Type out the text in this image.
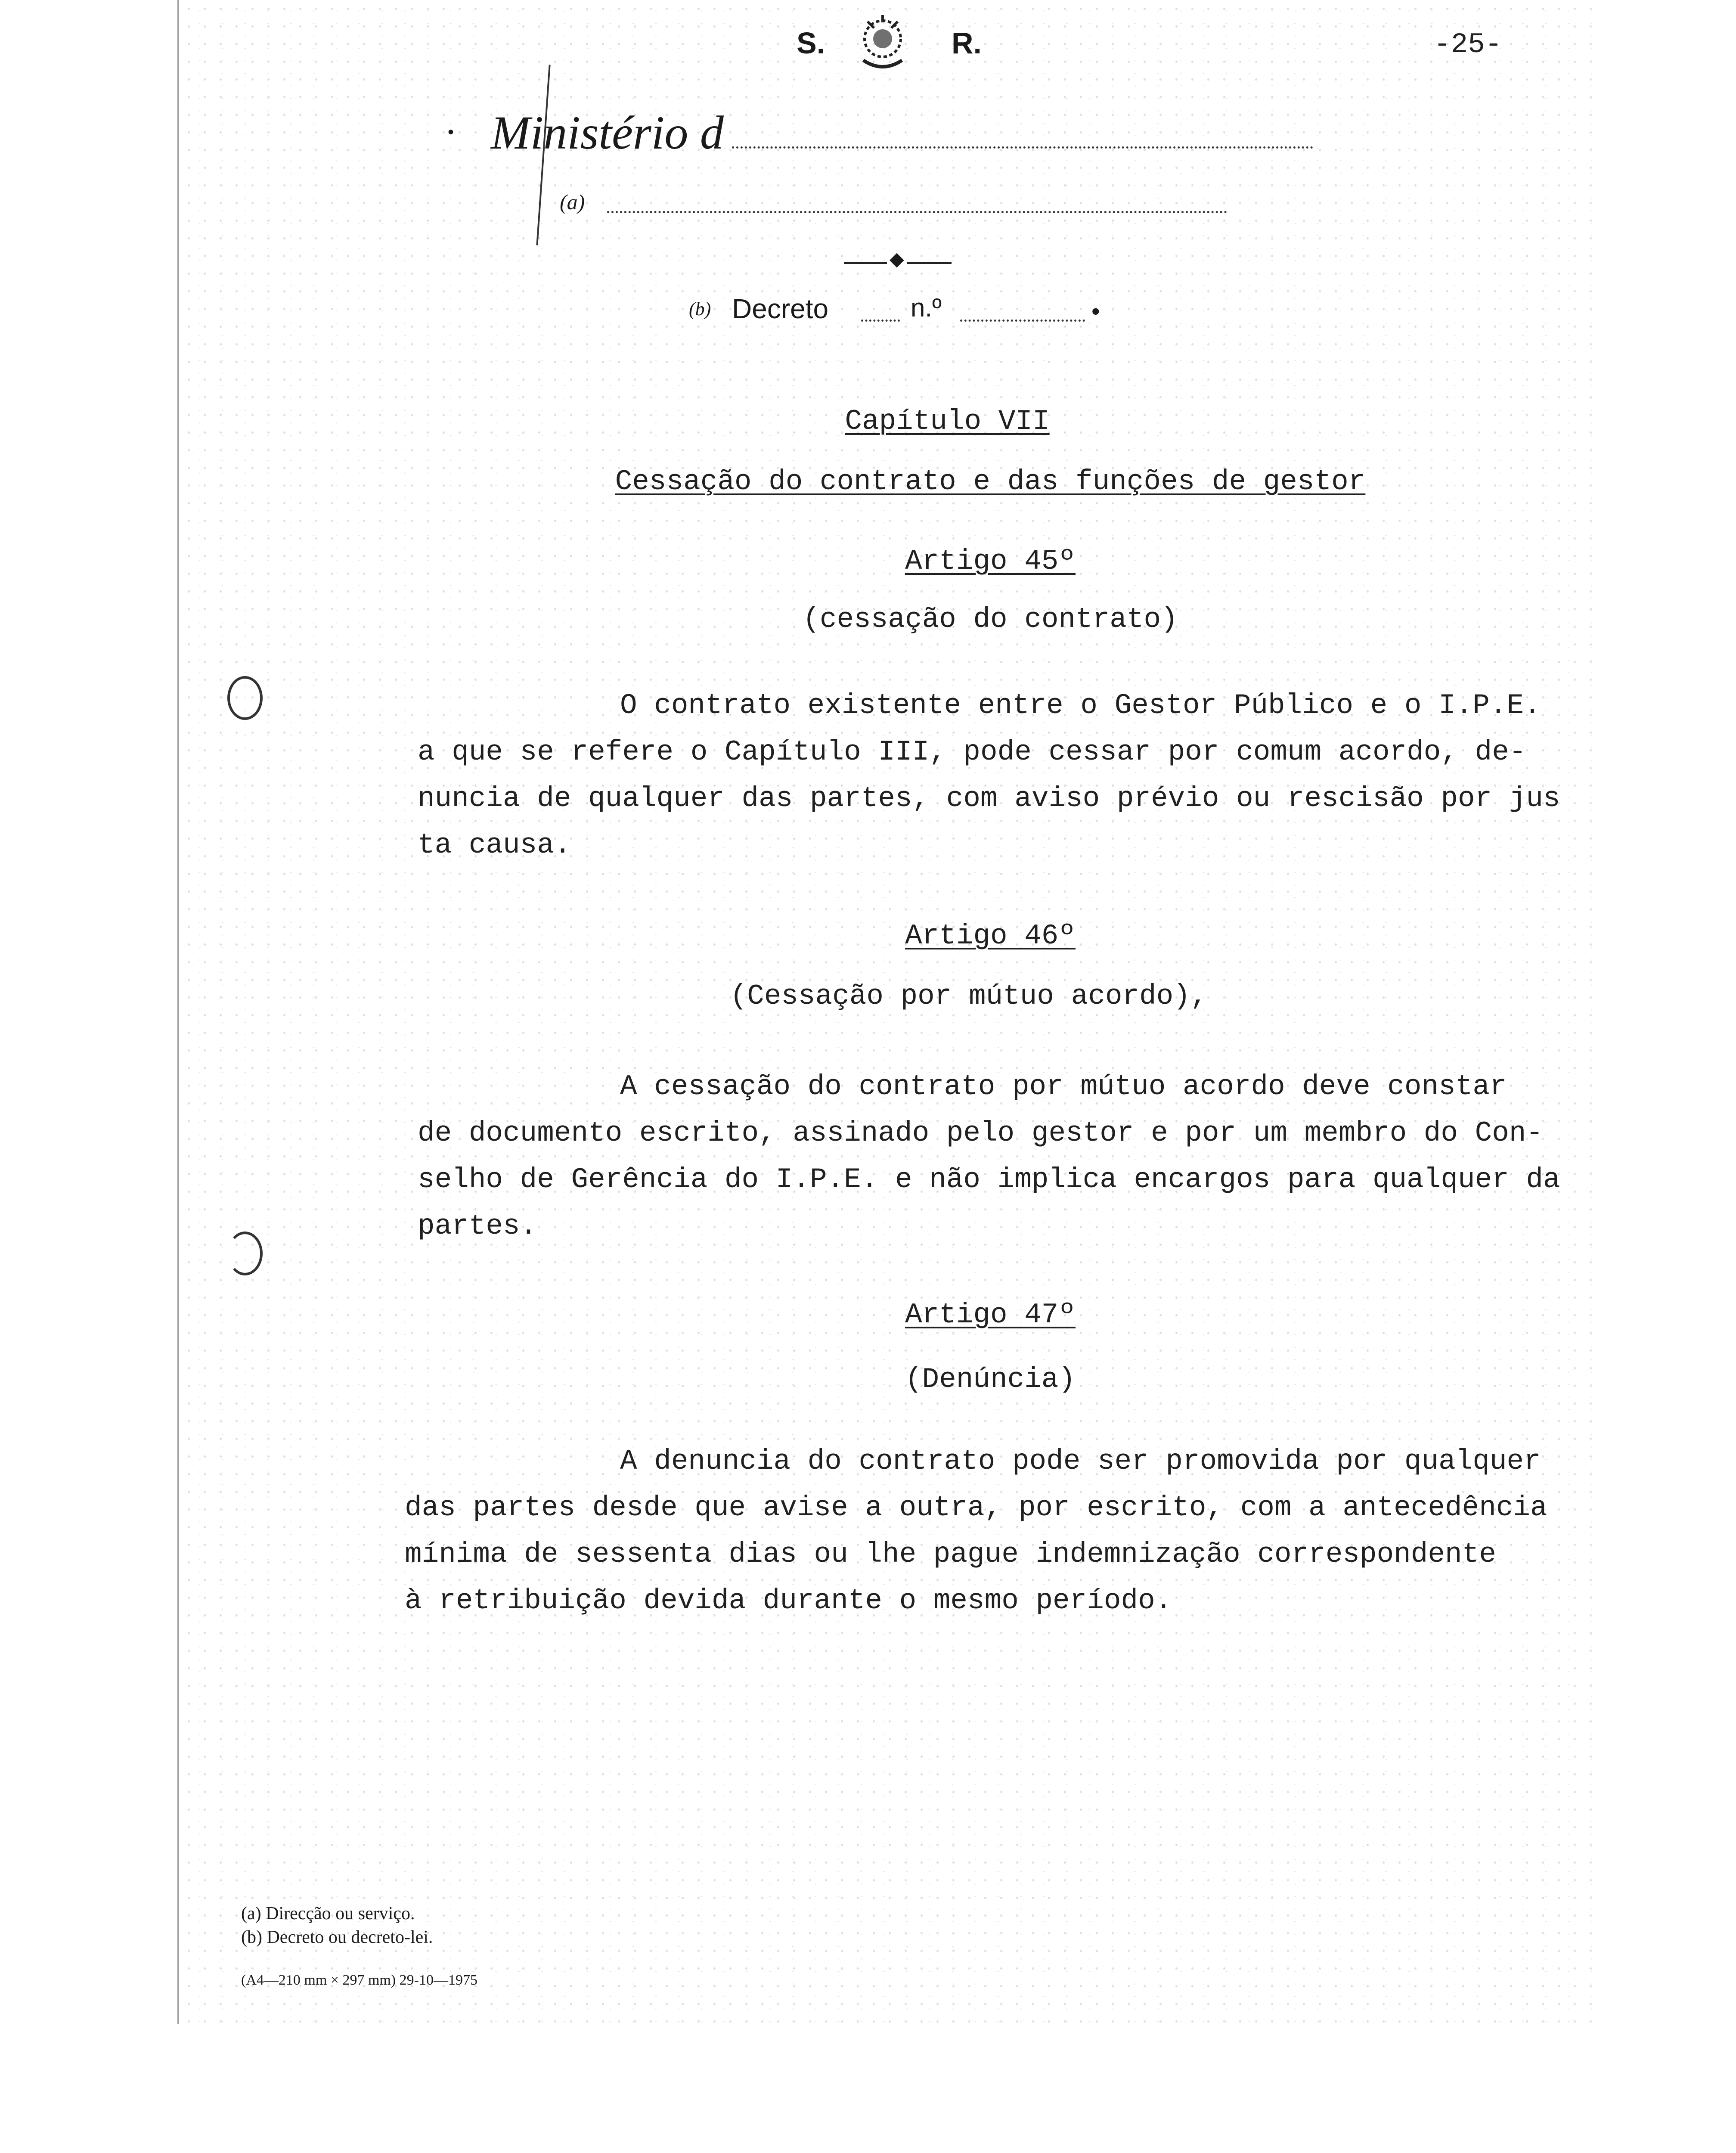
S.	R.	-25-
• Ministério d
(a)
◆
(b) Decreto	n.º	•
Capítulo VII
Cessação do contrato e das funções de gestor
Artigo 45º
(cessação do contrato)

O contrato existente entre o Gestor Público e o I.P.E.

a que se refere o Capítulo III, pode cessar por comum acordo, de-

nuncia de qualquer das partes, com aviso prévio ou rescisão por jus

ta causa.

Artigo 46º
(Cessação por mútuo acordo),

A cessação do contrato por mútuo acordo deve constar

de documento escrito, assinado pelo gestor e por um membro do Con-

selho de Gerência do I.P.E. e não implica encargos para qualquer da

partes.

Artigo 47º
(Denúncia)

A denuncia do contrato pode ser promovida por qualquer

das partes desde que avise a outra, por escrito, com a antecedência

mínima de sessenta dias ou lhe pague indemnização correspondente

à retribuição devida durante o mesmo período.

(a) Direcção ou serviço.
(b) Decreto ou decreto-lei.
(A4—210 mm × 297 mm) 29-10—1975
